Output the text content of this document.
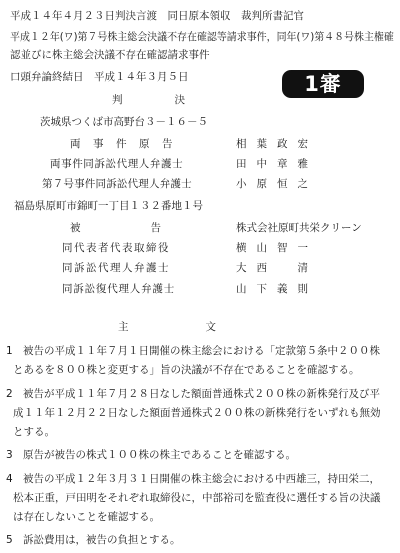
平成１４年４月２３日判決言渡　同日原本領収　裁判所書記官
平成１２年(ワ)第７号株主総会決議不存在確認等請求事件，同年(ワ)第４８号株主権確
認並びに株主総会決議不存在確認請求事件
口頭弁論終結日　平成１４年３月５日	1審
判　　　　決
茨城県つくば市高野台３－１６－５
両　事　件　原　告	相葉政宏
両事件同訴訟代理人弁護士	田中章雅
第７号事件同訴訟代理人弁護士	小原恒之
福島県原町市錦町一丁目１３２番地１号
被　　　　　　告	株式会社原町共栄クリーン
同代表者代表取締役	横山智一
同訴訟代理人弁護士	大西　清
同訴訟復代理人弁護士	山下義則
主　　　　　　文
1 被告の平成１１年７月１日開催の株主総会における「定款第５条中２００株
とあるを８００株と変更する」旨の決議が不存在であることを確認する。
2 被告が平成１１年７月２８日なした額面普通株式２００株の新株発行及び平
成１１年１２月２２日なした額面普通株式２００株の新株発行をいずれも無効
とする。
3 原告が被告の株式１００株の株主であることを確認する。
4 被告の平成１２年３月３１日開催の株主総会における中西雄三，持田栄二，
松本正重，戸田明をそれぞれ取締役に，中部裕司を監査役に選任する旨の決議
は存在しないことを確認する。
5 訴訟費用は，被告の負担とする。
